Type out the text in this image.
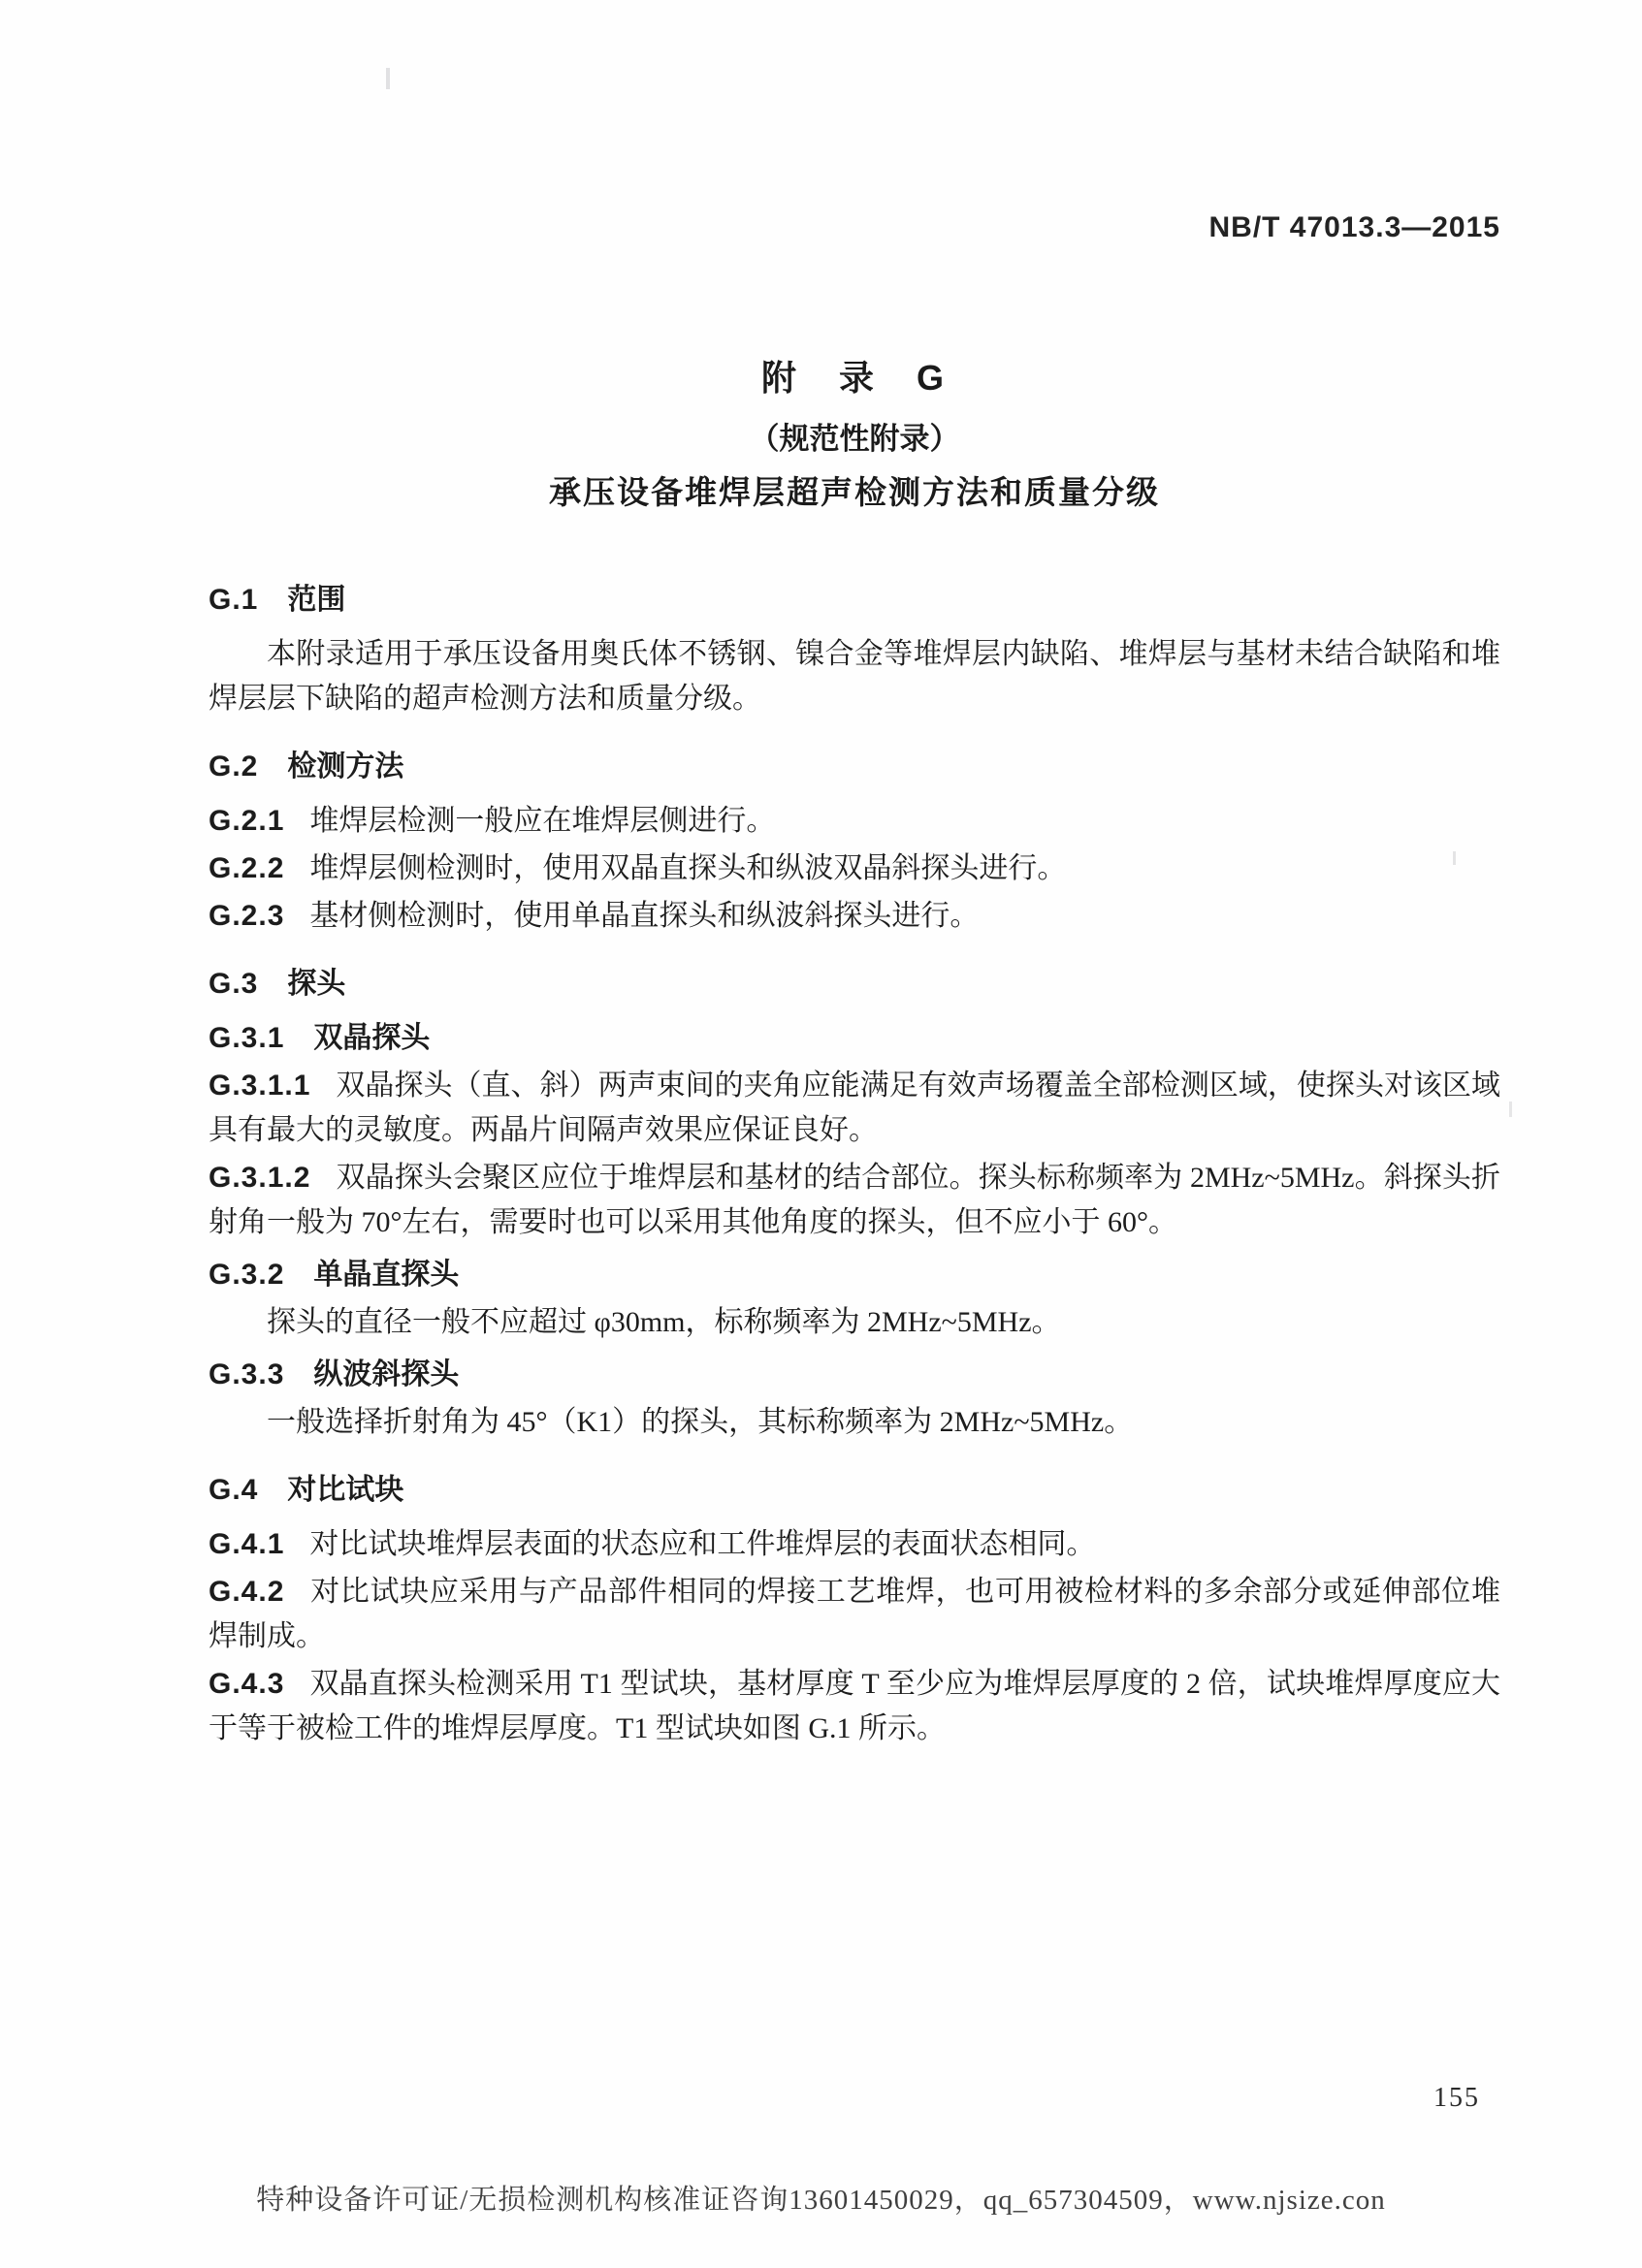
NB/T 47013.3—2015
附　录　G
（规范性附录）
承压设备堆焊层超声检测方法和质量分级
G.1 范围
本附录适用于承压设备用奥氏体不锈钢、镍合金等堆焊层内缺陷、堆焊层与基材未结合缺陷和堆焊层层下缺陷的超声检测方法和质量分级。
G.2 检测方法
G.2.1 堆焊层检测一般应在堆焊层侧进行。
G.2.2 堆焊层侧检测时，使用双晶直探头和纵波双晶斜探头进行。
G.2.3 基材侧检测时，使用单晶直探头和纵波斜探头进行。
G.3 探头
G.3.1 双晶探头
G.3.1.1 双晶探头（直、斜）两声束间的夹角应能满足有效声场覆盖全部检测区域，使探头对该区域具有最大的灵敏度。两晶片间隔声效果应保证良好。
G.3.1.2 双晶探头会聚区应位于堆焊层和基材的结合部位。探头标称频率为 2MHz~5MHz。斜探头折射角一般为 70°左右，需要时也可以采用其他角度的探头，但不应小于 60°。
G.3.2 单晶直探头
探头的直径一般不应超过 φ30mm，标称频率为 2MHz~5MHz。
G.3.3 纵波斜探头
一般选择折射角为 45°（K1）的探头，其标称频率为 2MHz~5MHz。
G.4 对比试块
G.4.1 对比试块堆焊层表面的状态应和工件堆焊层的表面状态相同。
G.4.2 对比试块应采用与产品部件相同的焊接工艺堆焊，也可用被检材料的多余部分或延伸部位堆焊制成。
G.4.3 双晶直探头检测采用 T1 型试块，基材厚度 T 至少应为堆焊层厚度的 2 倍，试块堆焊厚度应大于等于被检工件的堆焊层厚度。T1 型试块如图 G.1 所示。
155
特种设备许可证/无损检测机构核准证咨询13601450029，qq_657304509，www.njsize.con
